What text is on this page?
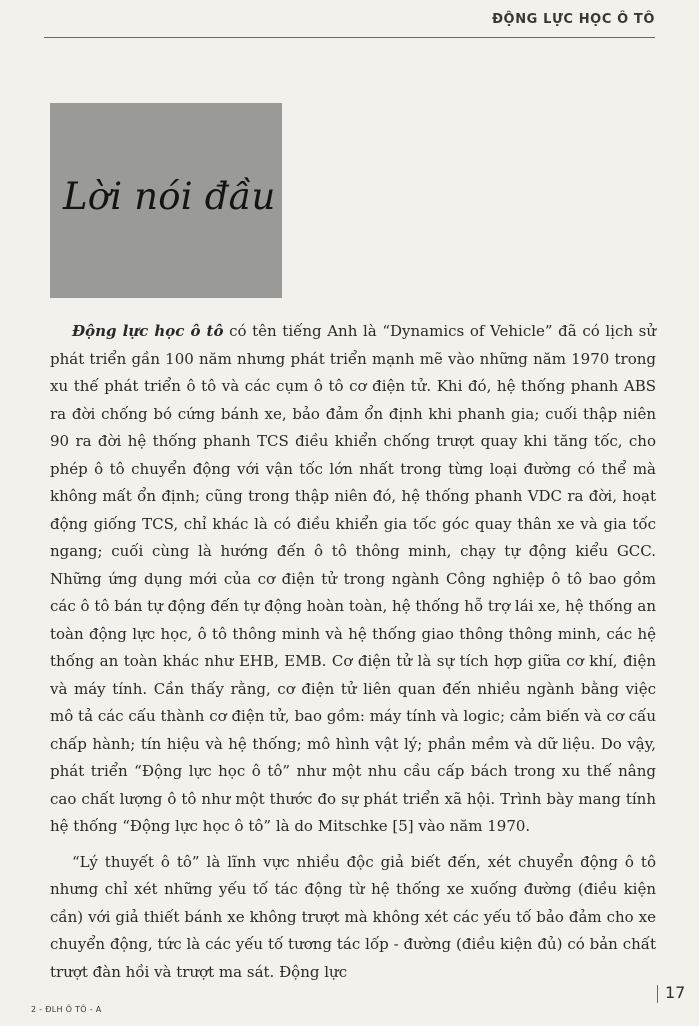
ĐỘNG LỰC HỌC Ô TÔ
Lời nói đầu

Động lực học ô tô có tên tiếng Anh là “Dynamics of Vehicle” đã có lịch sử phát triển gần 100 năm nhưng phát triển mạnh mẽ vào những năm 1970 trong xu thế phát triển ô tô và các cụm ô tô cơ điện tử. Khi đó, hệ thống phanh ABS ra đời chống bó cứng bánh xe, bảo đảm ổn định khi phanh gia; cuối thập niên 90 ra đời hệ thống phanh TCS điều khiển chống trượt quay khi tăng tốc, cho phép ô tô chuyển động với vận tốc lớn nhất trong từng loại đường có thể mà không mất ổn định; cũng trong thập niên đó, hệ thống phanh VDC ra đời, hoạt động giống TCS, chỉ khác là có điều khiển gia tốc góc quay thân xe và gia tốc ngang; cuối cùng là hướng đến ô tô thông minh, chạy tự động kiểu GCC. Những ứng dụng mới của cơ điện tử trong ngành Công nghiệp ô tô bao gồm các ô tô bán tự động đến tự động hoàn toàn, hệ thống hỗ trợ lái xe, hệ thống an toàn động lực học, ô tô thông minh và hệ thống giao thông thông minh, các hệ thống an toàn khác như EHB, EMB. Cơ điện tử là sự tích hợp giữa cơ khí, điện và máy tính. Cần thấy rằng, cơ điện tử liên quan đến nhiều ngành bằng việc mô tả các cấu thành cơ điện tử, bao gồm: máy tính và logic; cảm biến và cơ cấu chấp hành; tín hiệu và hệ thống; mô hình vật lý; phần mềm và dữ liệu. Do vậy, phát triển “Động lực học ô tô” như một nhu cầu cấp bách trong xu thế nâng cao chất lượng ô tô như một thước đo sự phát triển xã hội. Trình bày mang tính hệ thống “Động lực học ô tô” là do Mitschke [5] vào năm 1970.

“Lý thuyết ô tô” là lĩnh vực nhiều độc giả biết đến, xét chuyển động ô tô nhưng chỉ xét những yếu tố tác động từ hệ thống xe xuống đường (điều kiện cần) với giả thiết bánh xe không trượt mà không xét các yếu tố bảo đảm cho xe chuyển động, tức là các yếu tố tương tác lốp - đường (điều kiện đủ) có bản chất trượt đàn hồi và trượt ma sát. Động lực

2 - ĐLH Ô TÔ - A
17
